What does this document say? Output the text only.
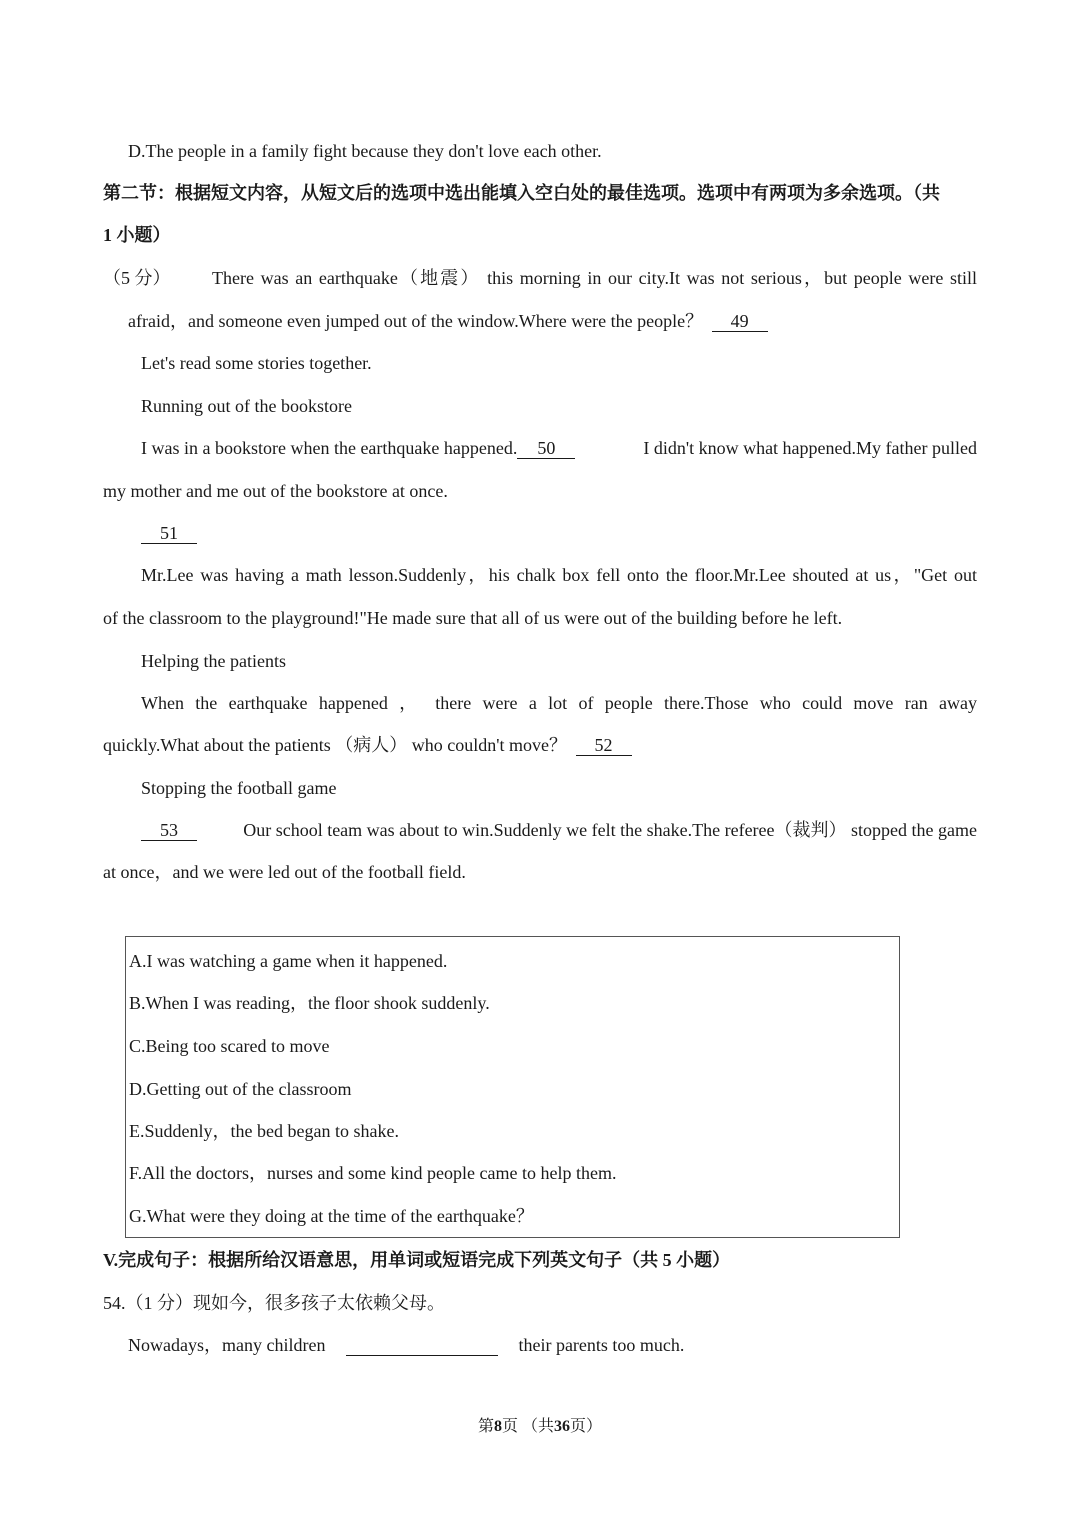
D.The people in a family fight because they don't love each other.
第二节：根据短文内容，从短文后的选项中选出能填入空白处的最佳选项。选项中有两项为多余选项。（共
1 小题）
（5 分） There was an earthquake（地震） this morning in our city.It was not serious，but people were still
afraid，and someone even jumped out of the window.Where were the people？ 49
Let's read some stories together.
Running out of the bookstore
I was in a bookstore when the earthquake happened. 50	I didn't know what happened.My father pulled
my mother and me out of the bookstore at once.
51
Mr.Lee was having a math lesson.Suddenly，his chalk box fell onto the floor.Mr.Lee shouted at us，"Get out
of the classroom to the playground!"He made sure that all of us were out of the building before he left.
Helping the patients
When the earthquake happened ， there were a lot of people there.Those who could move ran away
quickly.What about the patients （病人） who couldn't move？ 52
Stopping the football game
53	Our school team was about to win.Suddenly we felt the shake.The referee（裁判） stopped the game
at once，and we were led out of the football field.
A.I was watching a game when it happened.
B.When I was reading，the floor shook suddenly.
C.Being too scared to move
D.Getting out of the classroom
E.Suddenly，the bed began to shake.
F.All the doctors，nurses and some kind people came to help them.
G.What were they doing at the time of the earthquake？
V.完成句子：根据所给汉语意思，用单词或短语完成下列英文句子（共 5 小题）
54.（1 分）现如今，很多孩子太依赖父母。
Nowadays，many children	their parents too much.
第8页 （共36页）
